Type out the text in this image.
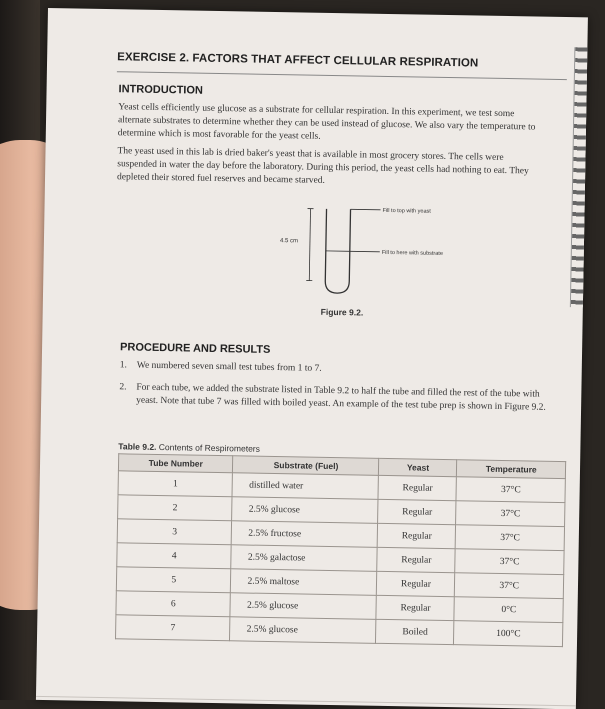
EXERCISE 2. FACTORS THAT AFFECT CELLULAR RESPIRATION
INTRODUCTION
Yeast cells efficiently use glucose as a substrate for cellular respiration. In this experiment, we test some alternate substrates to determine whether they can be used instead of glucose. We also vary the temperature to determine which is most favorable for the yeast cells.
The yeast used in this lab is dried baker's yeast that is available in most grocery stores. The cells were suspended in water the day before the laboratory. During this period, the yeast cells had nothing to eat. They depleted their stored fuel reserves and became starved.
4.5 cm
Fill to top with yeast
Fill to here with substrate
Figure 9.2.
PROCEDURE AND RESULTS
1. We numbered seven small test tubes from 1 to 7.
2. For each tube, we added the substrate listed in Table 9.2 to half the tube and filled the rest of the tube with yeast. Note that tube 7 was filled with boiled yeast. An example of the test tube prep is shown in Figure 9.2.
Table 9.2. Contents of Respirometers
Tube Number	Substrate (Fuel)	Yeast	Temperature
1	distilled water	Regular	37°C
2	2.5% glucose	Regular	37°C
3	2.5% fructose	Regular	37°C
4	2.5% galactose	Regular	37°C
5	2.5% maltose	Regular	37°C
6	2.5% glucose	Regular	0°C
7	2.5% glucose	Boiled	100°C
